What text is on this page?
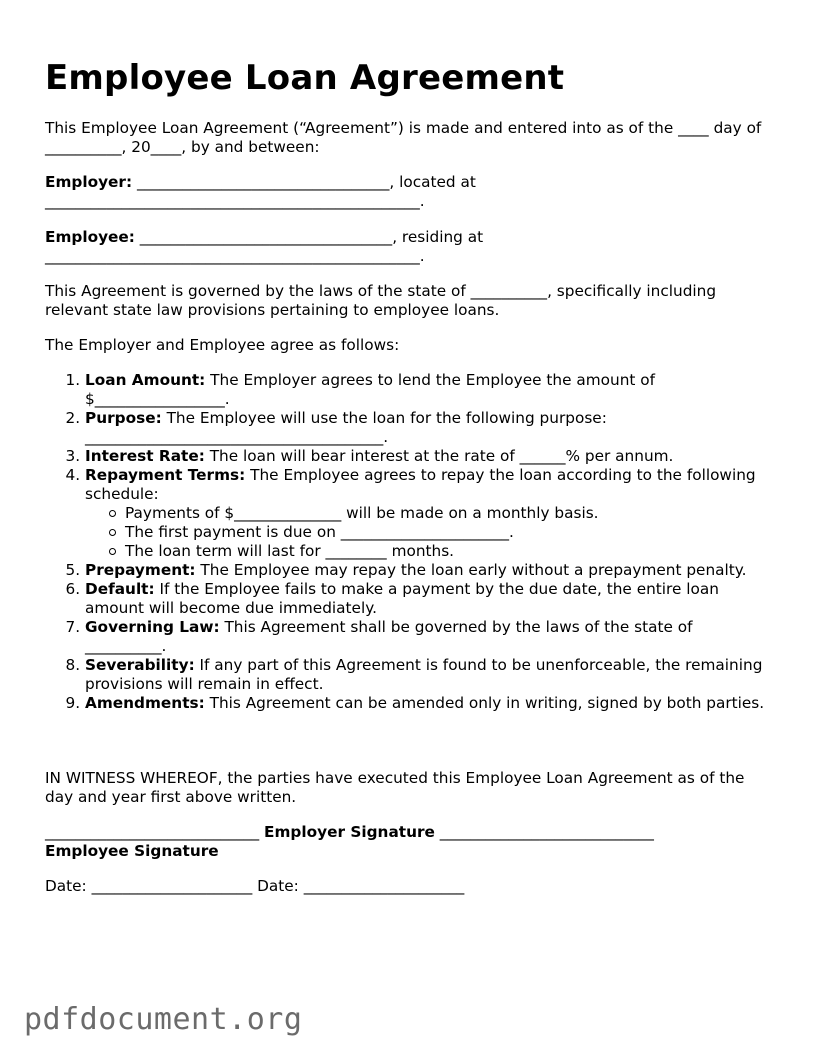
Employee Loan Agreement

This Employee Loan Agreement (“Agreement”) is made and entered into as of the ____ day of __________, 20____, by and between:

Employer: _________________________________, located at _________________________________________________.

Employee: _________________________________, residing at _________________________________________________.

This Agreement is governed by the laws of the state of __________, specifically including relevant state law provisions pertaining to employee loans.

The Employer and Employee agree as follows:

1. Loan Amount: The Employer agrees to lend the Employee the amount of $_________________.
2. Purpose: The Employee will use the loan for the following purpose: _______________________________________.
3. Interest Rate: The loan will bear interest at the rate of ______% per annum.
4. Repayment Terms: The Employee agrees to repay the loan according to the following schedule:
Payments of $______________ will be made on a monthly basis.
The first payment is due on ______________________.
The loan term will last for ________ months.
5. Prepayment: The Employee may repay the loan early without a prepayment penalty.
6. Default: If the Employee fails to make a payment by the due date, the entire loan amount will become due immediately.
7. Governing Law: This Agreement shall be governed by the laws of the state of __________.
8. Severability: If any part of this Agreement is found to be unenforceable, the remaining provisions will remain in effect.
9. Amendments: This Agreement can be amended only in writing, signed by both parties.

IN WITNESS WHEREOF, the parties have executed this Employee Loan Agreement as of the day and year first above written.

____________________________ Employer Signature ____________________________

Employee Signature

Date: _____________________ Date: _____________________

pdfdocument.org
